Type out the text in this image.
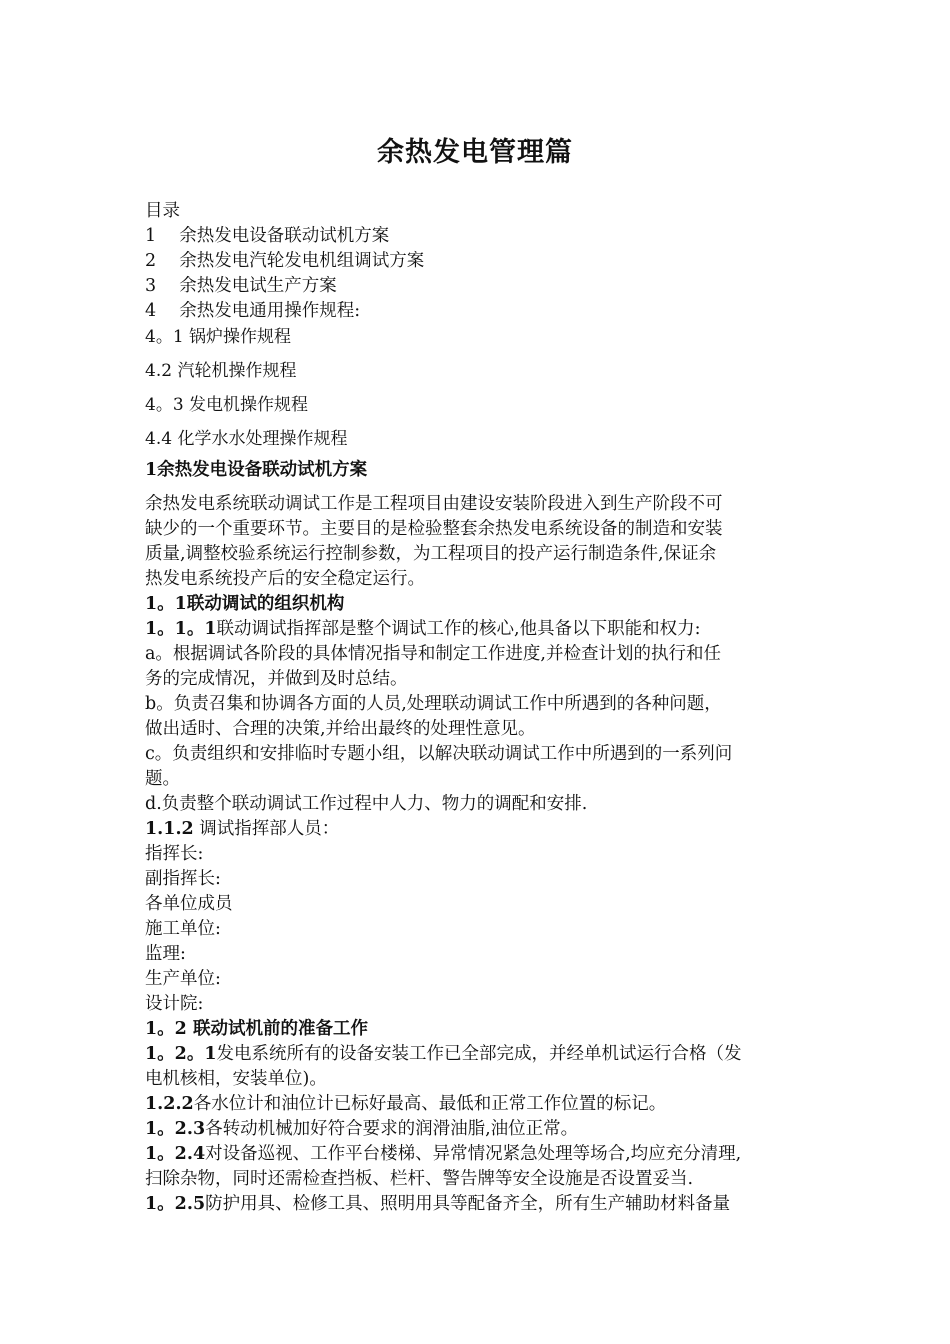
余热发电管理篇
目录
1　 余热发电设备联动试机方案
2　 余热发电汽轮发电机组调试方案
3　 余热发电试生产方案
4　 余热发电通用操作规程:
4。1 锅炉操作规程
4.2 汽轮机操作规程
4。3 发电机操作规程
4.4 化学水水处理操作规程
1余热发电设备联动试机方案
余热发电系统联动调试工作是工程项目由建设安装阶段进入到生产阶段不可
缺少的一个重要环节。主要目的是检验整套余热发电系统设备的制造和安装
质量,调整校验系统运行控制参数，为工程项目的投产运行制造条件,保证余
热发电系统投产后的安全稳定运行。
1。1联动调试的组织机构
1。1。1联动调试指挥部是整个调试工作的核心,他具备以下职能和权力:
a。根据调试各阶段的具体情况指导和制定工作进度,并检查计划的执行和任
务的完成情况，并做到及时总结。
b。负责召集和协调各方面的人员,处理联动调试工作中所遇到的各种问题，
做出适时、合理的决策,并给出最终的处理性意见。
c。负责组织和安排临时专题小组，以解决联动调试工作中所遇到的一系列问
题。
d.负责整个联动调试工作过程中人力、物力的调配和安排.
1.1.2 调试指挥部人员：
指挥长:
副指挥长:
各单位成员
施工单位:
监理:
生产单位:
设计院:
1。2 联动试机前的准备工作
1。2。1发电系统所有的设备安装工作已全部完成，并经单机试运行合格（发
电机核相，安装单位)。
1.2.2各水位计和油位计已标好最高、最低和正常工作位置的标记。
1。2.3各转动机械加好符合要求的润滑油脂,油位正常。
1。2.4对设备巡视、工作平台楼梯、异常情况紧急处理等场合,均应充分清理,
扫除杂物，同时还需检查挡板、栏杆、警告牌等安全设施是否设置妥当.
1。2.5防护用具、检修工具、照明用具等配备齐全，所有生产辅助材料备量
